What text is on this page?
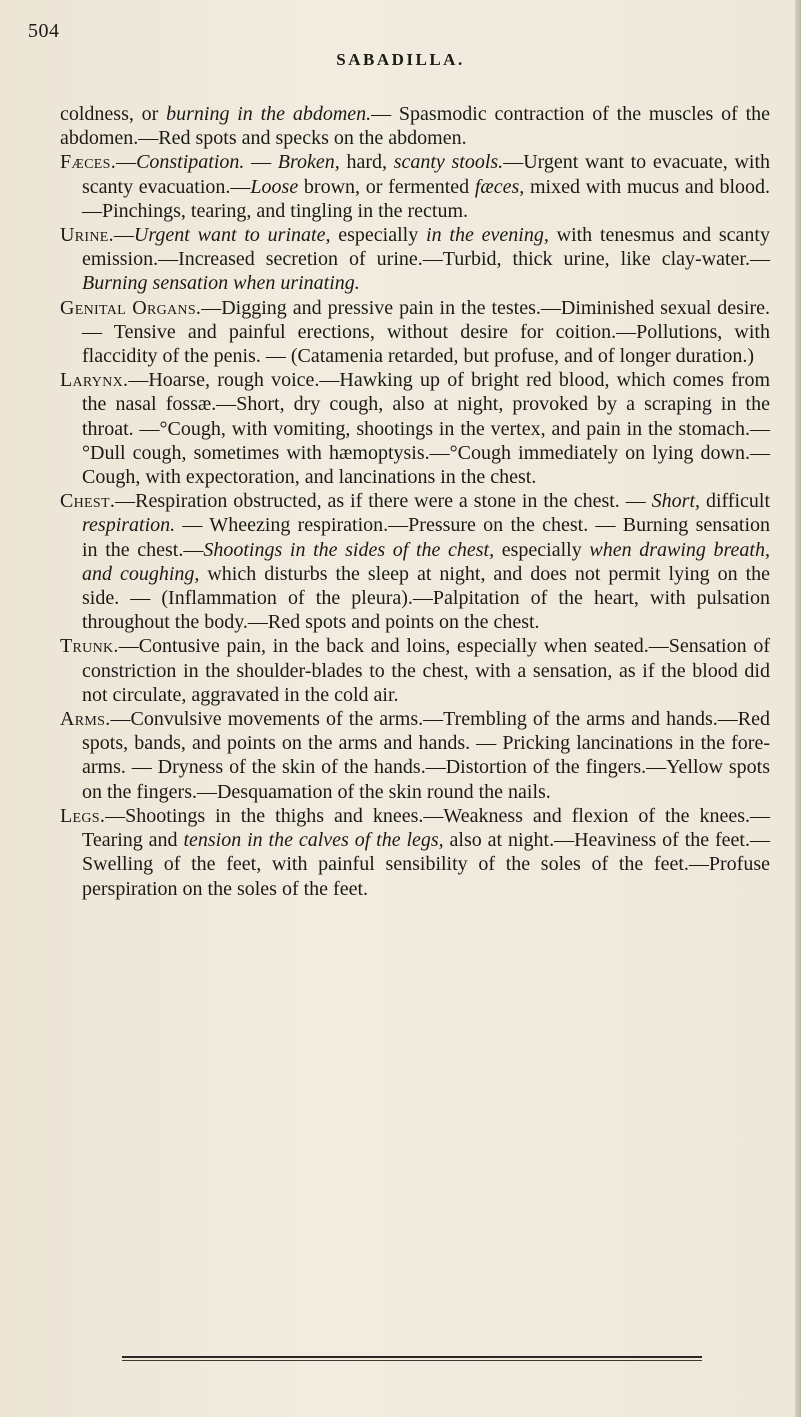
504
SABADILLA.

coldness, or burning in the abdomen.— Spasmodic contraction of the muscles of the abdomen.—Red spots and specks on the abdomen.

Fæces.—Constipation. — Broken, hard, scanty stools.—Urgent want to evacuate, with scanty evacuation.—Loose brown, or fermented fæces, mixed with mucus and blood.—Pinchings, tearing, and tingling in the rectum.

Urine.—Urgent want to urinate, especially in the evening, with tenesmus and scanty emission.—Increased secretion of urine.—Turbid, thick urine, like clay-water.—Burning sensation when urinating.

Genital Organs.—Digging and pressive pain in the testes.—Diminished sexual desire. — Tensive and painful erections, without desire for coition.—Pollutions, with flaccidity of the penis. — (Catamenia retarded, but profuse, and of longer duration.)

Larynx.—Hoarse, rough voice.—Hawking up of bright red blood, which comes from the nasal fossæ.—Short, dry cough, also at night, provoked by a scraping in the throat. —°Cough, with vomiting, shootings in the vertex, and pain in the stomach.—°Dull cough, sometimes with hæmoptysis.—°Cough immediately on lying down.—Cough, with expectoration, and lancinations in the chest.

Chest.—Respiration obstructed, as if there were a stone in the chest. — Short, difficult respiration. — Wheezing respiration.—Pressure on the chest. — Burning sensation in the chest.—Shootings in the sides of the chest, especially when drawing breath, and coughing, which disturbs the sleep at night, and does not permit lying on the side. — (Inflammation of the pleura).—Palpitation of the heart, with pulsation throughout the body.—Red spots and points on the chest.

Trunk.—Contusive pain, in the back and loins, especially when seated.—Sensation of constriction in the shoulder-blades to the chest, with a sensation, as if the blood did not circulate, aggravated in the cold air.

Arms.—Convulsive movements of the arms.—Trembling of the arms and hands.—Red spots, bands, and points on the arms and hands. — Pricking lancinations in the fore-arms. — Dryness of the skin of the hands.—Distortion of the fingers.—Yellow spots on the fingers.—Desquamation of the skin round the nails.

Legs.—Shootings in the thighs and knees.—Weakness and flexion of the knees.—Tearing and tension in the calves of the legs, also at night.—Heaviness of the feet.—Swelling of the feet, with painful sensibility of the soles of the feet.—Profuse perspiration on the soles of the feet.
